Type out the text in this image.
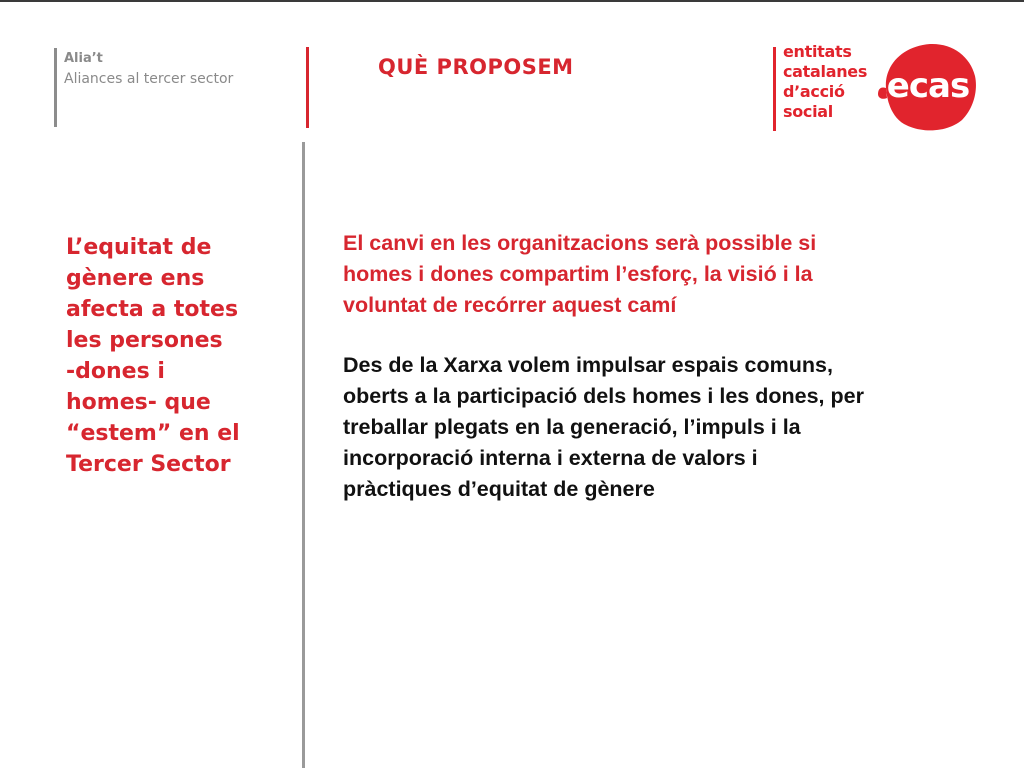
Alia’t
Aliances al tercer sector	QUÈ PROPOSEM
entitats
catalanes
d’acció
social
ecas
L’equitat de
gènere ens
afecta a totes
les persones
-dones i
homes- que
“estem” en el
Tercer Sector
El canvi en les organitzacions serà possible si
homes i dones compartim l’esforç, la visió i la
voluntat de recórrer aquest camí
Des de la Xarxa volem impulsar espais comuns,
oberts a la participació dels homes i les dones, per
treballar plegats en la generació, l’impuls i la
incorporació interna i externa de valors i
pràctiques d’equitat de gènere
